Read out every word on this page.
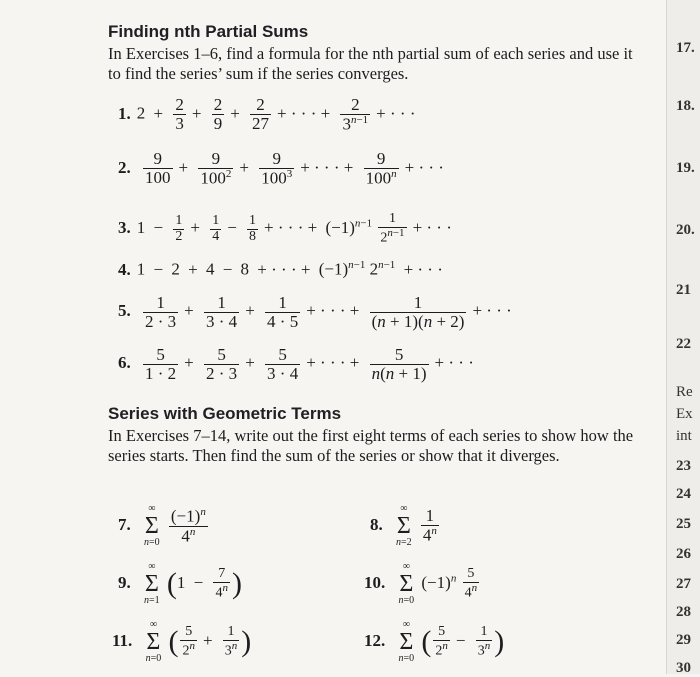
17.
18.
19.
20.
21
22
Re
Ex
int
23
24
25
26
27
28
29
30
Finding nth Partial Sums
In Exercises 1–6, find a formula for the nth partial sum of each series and use it to find the series’ sum if the series converges.
1. $2 + \frac{2}{3} + \frac{2}{9} + \frac{2}{27}$ + · · · + $\frac{2}{3^{n-1}}$ + · · ·
2. $\frac{9}{100} + \frac{9}{100^2} + \frac{9}{100^3}$ + · · · + $\frac{9}{100^n}$ + · · ·
3. $1 - \frac{1}{2} + \frac{1}{4} - \frac{1}{8}$ + · · · + $(-1)^{n-1} \frac{1}{2^{n-1}}$ + · · ·
4. 1 − 2 + 4 − 8 + · · · + $(-1)^{n-1}$ $2^{n-1}$ + · · ·
5. $\frac{1}{2 \cdot 3} + \frac{1}{3 \cdot 4} + \frac{1}{4 \cdot 5}$ + · · · + $\frac{1}{(n + 1)(n + 2)}$ + · · ·
6. $\frac{5}{1 \cdot 2} + \frac{5}{2 \cdot 3} + \frac{5}{3 \cdot 4}$ + · · · + $\frac{5}{n(n + 1)}$ + · · ·
Series with Geometric Terms
In Exercises 7–14, write out the first eight terms of each series to show how the series starts. Then find the sum of the series or show that it diverges.
7.
∞
Σ
n=0
$\frac{(-1)^n}{4^n}$	8.
∞
Σ
n=2
$\frac{1}{4^n}$
9.
∞
Σ
n=1
($1 - \frac{7}{4^n}$ )	10.
∞
Σ
n=0
$(-1)^n \frac{5}{4^n}$
11.
∞
Σ
n=0
( $\frac{5}{2^n} + \frac{1}{3^n}$ )	12.
∞
Σ
n=0
( $\frac{5}{2^n} - \frac{1}{3^n}$ )
